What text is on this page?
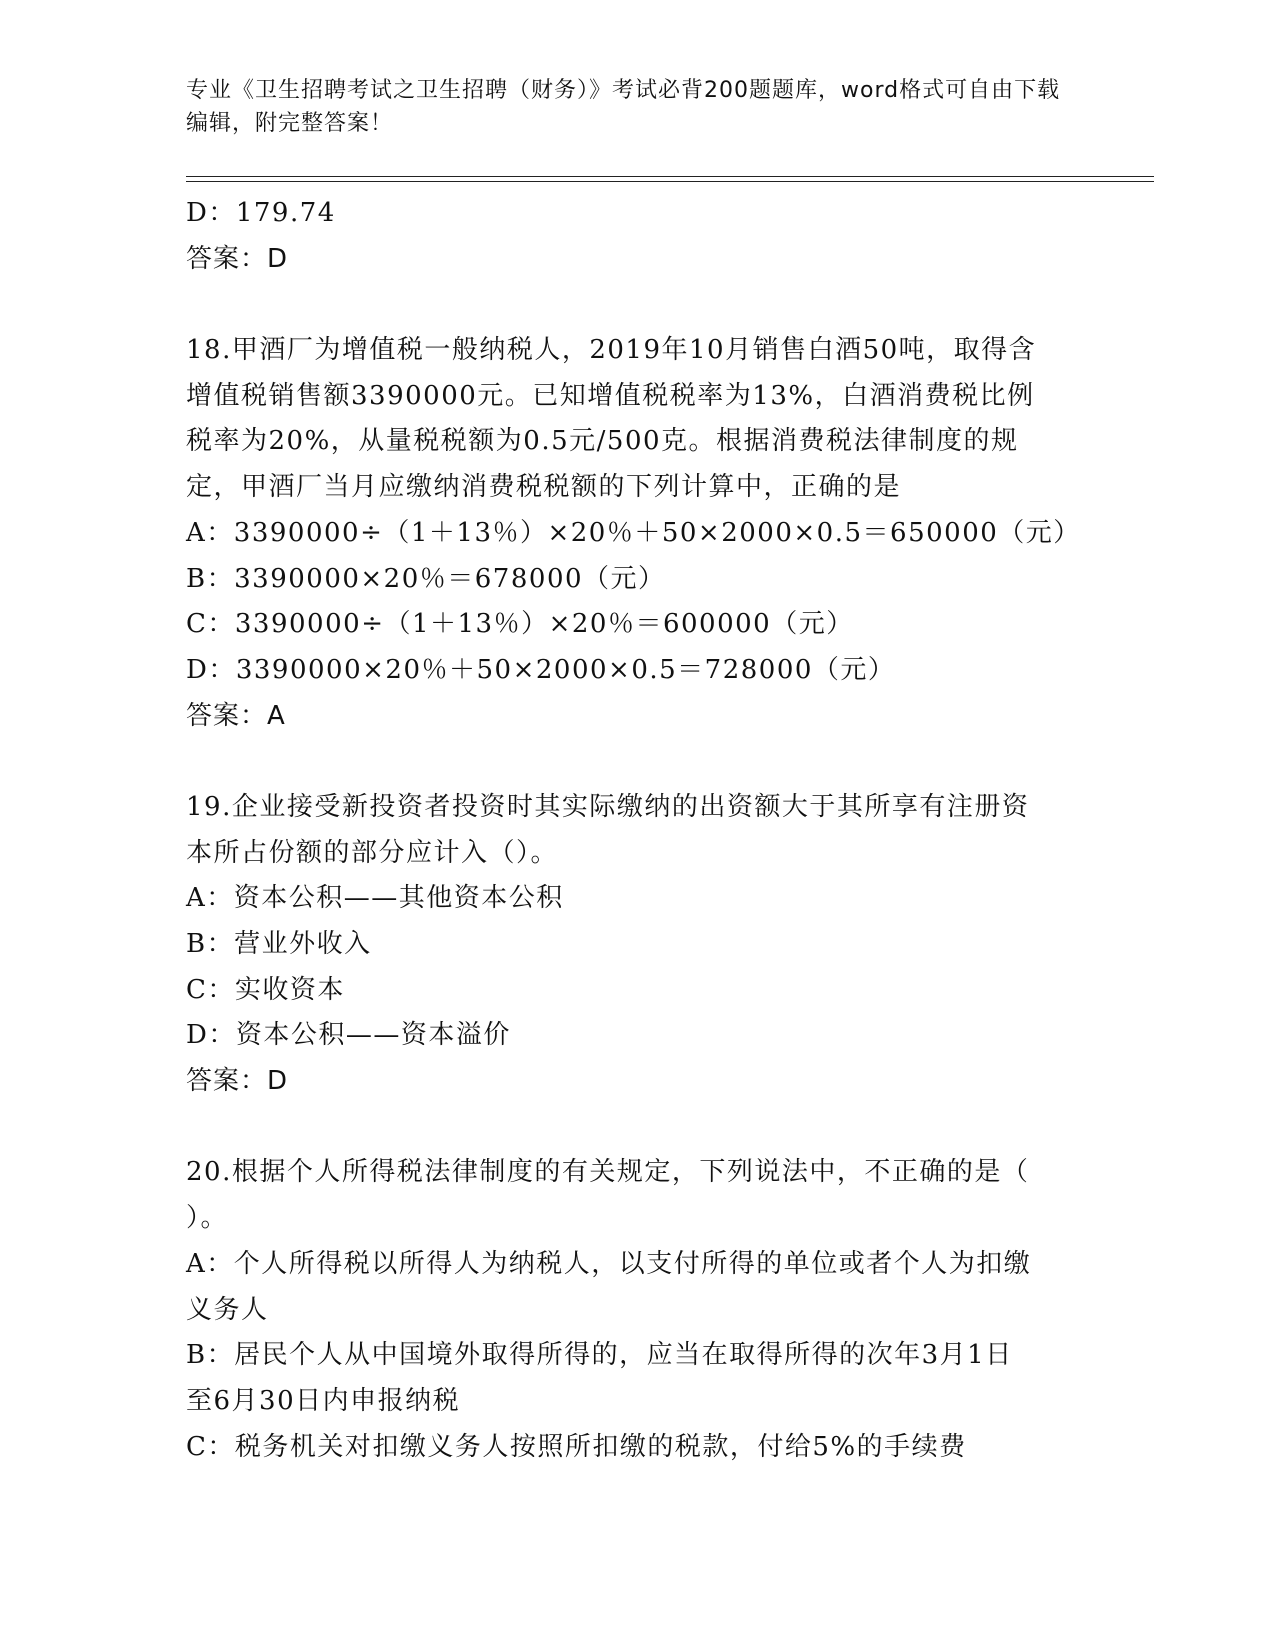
专业《卫生招聘考试之卫生招聘（财务）》考试必背200题题库，word格式可自由下载编辑，附完整答案！
D：179.74
答案：D
18.甲酒厂为增值税一般纳税人，2019年10月销售白酒50吨，取得含
增值税销售额3390000元。已知增值税税率为13%，白酒消费税比例
税率为20%，从量税税额为0.5元/500克。根据消费税法律制度的规
定，甲酒厂当月应缴纳消费税税额的下列计算中，正确的是
A：3390000÷（1＋13％）×20％＋50×2000×0.5＝650000（元）
B：3390000×20％＝678000（元）
C：3390000÷（1＋13％）×20％＝600000（元）
D：3390000×20％＋50×2000×0.5＝728000（元）
答案：A
19.企业接受新投资者投资时其实际缴纳的出资额大于其所享有注册资
本所占份额的部分应计入（）。
A：资本公积——其他资本公积
B：营业外收入
C：实收资本
D：资本公积——资本溢价
答案：D
20.根据个人所得税法律制度的有关规定，下列说法中，不正确的是（
）。
A：个人所得税以所得人为纳税人，以支付所得的单位或者个人为扣缴
义务人
B：居民个人从中国境外取得所得的，应当在取得所得的次年3月1日
至6月30日内申报纳税
C：税务机关对扣缴义务人按照所扣缴的税款，付给5%的手续费
